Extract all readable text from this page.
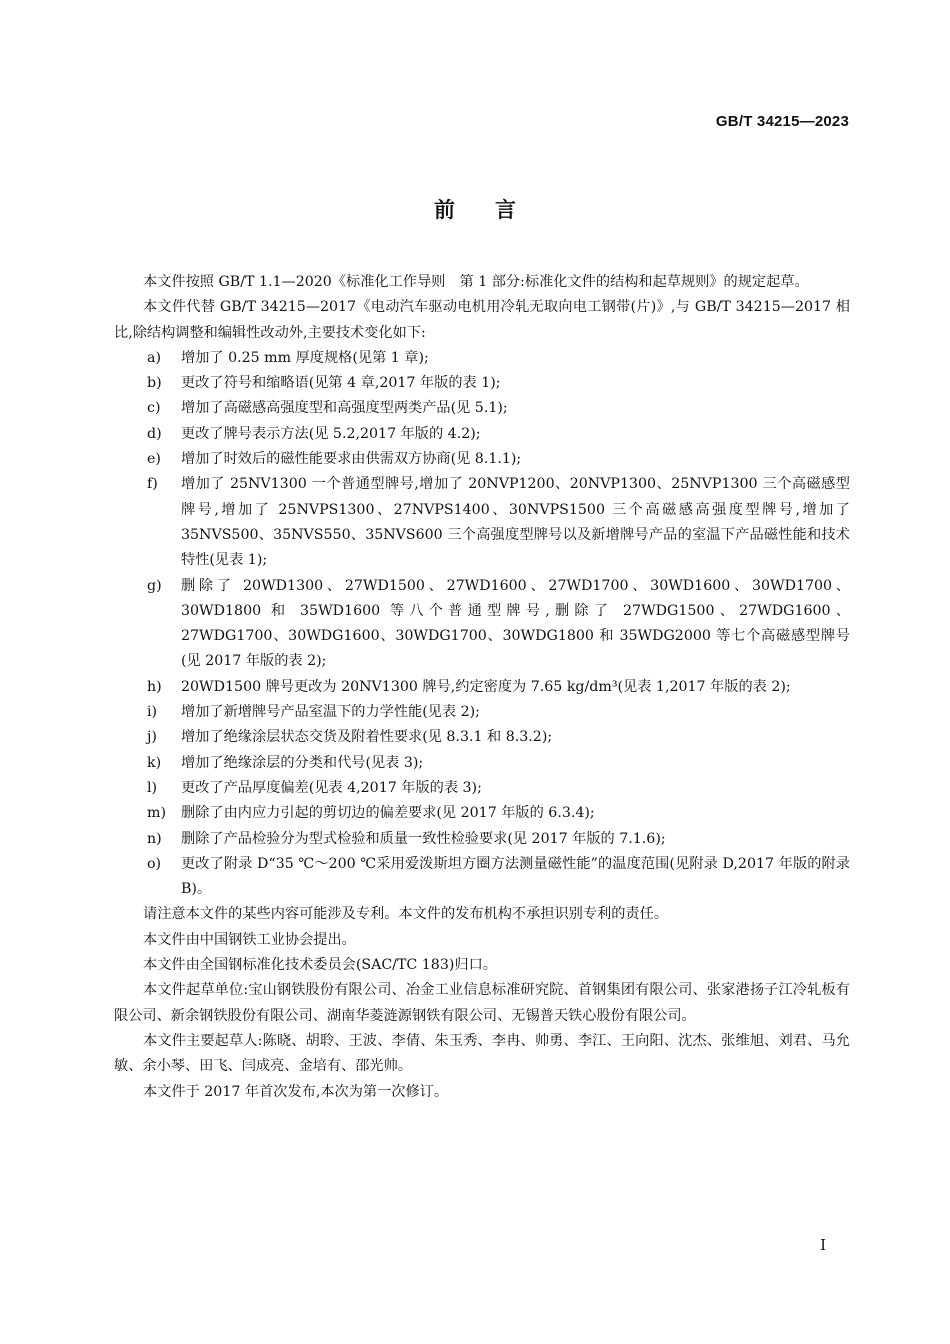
GB/T 34215—2023
前言

本文件按照 GB/T 1.1—2020《标准化工作导则　第 1 部分:标准化文件的结构和起草规则》的规定起草。

本文件代替 GB/T 34215—2017《电动汽车驱动电机用冷轧无取向电工钢带(片)》,与 GB/T 34215—2017 相比,除结构调整和编辑性改动外,主要技术变化如下:

a) 增加了 0.25 mm 厚度规格(见第 1 章);
b) 更改了符号和缩略语(见第 4 章,2017 年版的表 1);
c) 增加了高磁感高强度型和高强度型两类产品(见 5.1);
d) 更改了牌号表示方法(见 5.2,2017 年版的 4.2);
e) 增加了时效后的磁性能要求由供需双方协商(见 8.1.1);
f) 增加了 25NV1300 一个普通型牌号,增加了 20NVP1200、20NVP1300、25NVP1300 三个高磁感型牌号,增加了 25NVPS1300、27NVPS1400、30NVPS1500 三个高磁感高强度型牌号,增加了 35NVS500、35NVS550、35NVS600 三个高强度型牌号以及新增牌号产品的室温下产品磁性能和技术特性(见表 1);
g) 删除了 20WD1300、27WD1500、27WD1600、27WD1700、30WD1600、30WD1700、30WD1800 和 35WD1600 等八个普通型牌号,删除了 27WDG1500、27WDG1600、27WDG1700、30WDG1600、30WDG1700、30WDG1800 和 35WDG2000 等七个高磁感型牌号(见 2017 年版的表 2);
h) 20WD1500 牌号更改为 20NV1300 牌号,约定密度为 7.65 kg/dm³(见表 1,2017 年版的表 2);
i) 增加了新增牌号产品室温下的力学性能(见表 2);
j) 增加了绝缘涂层状态交货及附着性要求(见 8.3.1 和 8.3.2);
k) 增加了绝缘涂层的分类和代号(见表 3);
l) 更改了产品厚度偏差(见表 4,2017 年版的表 3);
m) 删除了由内应力引起的剪切边的偏差要求(见 2017 年版的 6.3.4);
n) 删除了产品检验分为型式检验和质量一致性检验要求(见 2017 年版的 7.1.6);
o) 更改了附录 D“35 ℃～200 ℃采用爱泼斯坦方圈方法测量磁性能”的温度范围(见附录 D,2017 年版的附录 B)。

请注意本文件的某些内容可能涉及专利。本文件的发布机构不承担识别专利的责任。

本文件由中国钢铁工业协会提出。

本文件由全国钢标准化技术委员会(SAC/TC 183)归口。

本文件起草单位:宝山钢铁股份有限公司、冶金工业信息标准研究院、首钢集团有限公司、张家港扬子江冷轧板有限公司、新余钢铁股份有限公司、湖南华菱涟源钢铁有限公司、无锡普天铁心股份有限公司。

本文件主要起草人:陈晓、胡聆、王波、李倩、朱玉秀、李冉、帅勇、李江、王向阳、沈杰、张维旭、刘君、马允敏、余小琴、田飞、闫成亮、金培有、邵光帅。

本文件于 2017 年首次发布,本次为第一次修订。

I
